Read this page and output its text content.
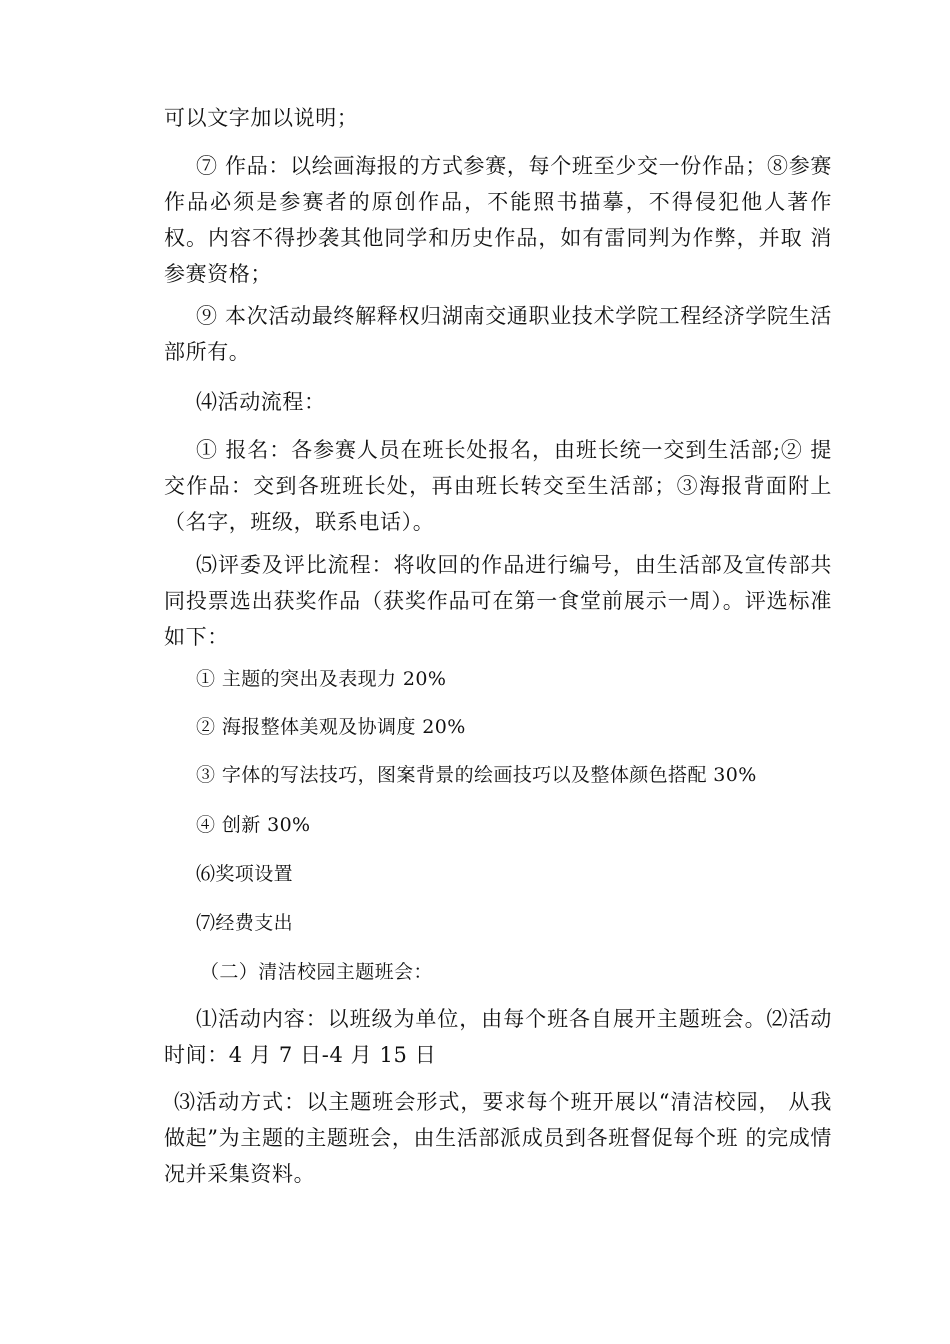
可以文字加以说明；

⑦ 作品：以绘画海报的方式参赛，每个班至少交一份作品；⑧参赛作品必须是参赛者的原创作品，不能照书描摹，不得侵犯他人著作权。内容不得抄袭其他同学和历史作品，如有雷同判为作弊，并取 消参赛资格；

⑨ 本次活动最终解释权归湖南交通职业技术学院工程经济学院生活部所有。

⑷活动流程：

① 报名：各参赛人员在班长处报名，由班长统一交到生活部;② 提交作品：交到各班班长处，再由班长转交至生活部；③海报背面附上（名字，班级，联系电话）。

⑸评委及评比流程：将收回的作品进行编号，由生活部及宣传部共同投票选出获奖作品（获奖作品可在第一食堂前展示一周）。评选标准如下：

① 主题的突出及表现力 20%

② 海报整体美观及协调度 20%

③ 字体的写法技巧，图案背景的绘画技巧以及整体颜色搭配 30%

④ 创新 30%

⑹奖项设置

⑺经费支出

（二）清洁校园主题班会：

⑴活动内容：以班级为单位，由每个班各自展开主题班会。⑵活动时间：4 月 7 日-4 月 15 日

⑶活动方式：以主题班会形式，要求每个班开展以“清洁校园， 从我做起”为主题的主题班会，由生活部派成员到各班督促每个班 的完成情况并采集资料。
